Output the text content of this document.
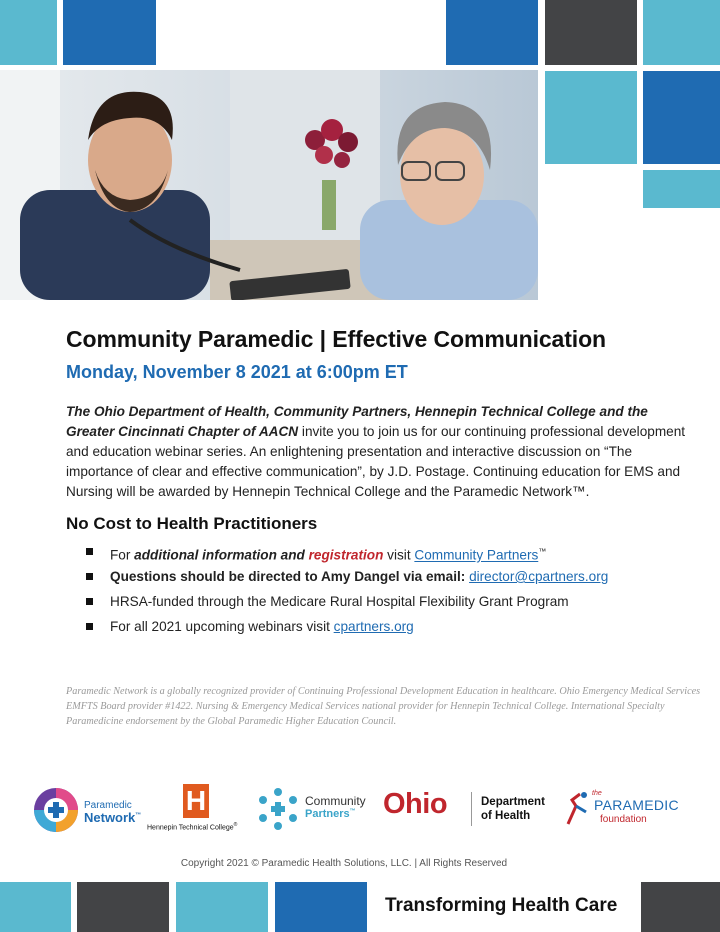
Community Paramedic | Effective Communication
Monday, November 8 2021 at 6:00pm ET

The Ohio Department of Health, Community Partners, Hennepin Technical College and the Greater Cincinnati Chapter of AACN invite you to join us for our continuing professional development and education webinar series. An enlightening presentation and interactive discussion on “The importance of clear and effective communication”, by J.D. Postage. Continuing education for EMS and Nursing will be awarded by Hennepin Technical College and the Paramedic Network™.

No Cost to Health Practitioners
For additional information and registration visit Community Partners™
Questions should be directed to Amy Dangel via email: director@cpartners.org
HRSA-funded through the Medicare Rural Hospital Flexibility Grant Program
For all 2021 upcoming webinars visit cpartners.org

Paramedic Network is a globally recognized provider of Continuing Professional Development Education in healthcare. Ohio Emergency Medical Services EMFTS Board provider #1422. Nursing & Emergency Medical Services national provider for Hennepin Technical College. International Specialty Paramedicine endorsement by the Global Paramedic Higher Education Council.

Paramedic
Network™ H
Hennepin Technical College®
Community
Partners™ Ohio	Department
of Health
the
PARAMEDIC
foundation

Copyright 2021 © Paramedic Health Solutions, LLC. | All Rights Reserved

Transforming Health Care
